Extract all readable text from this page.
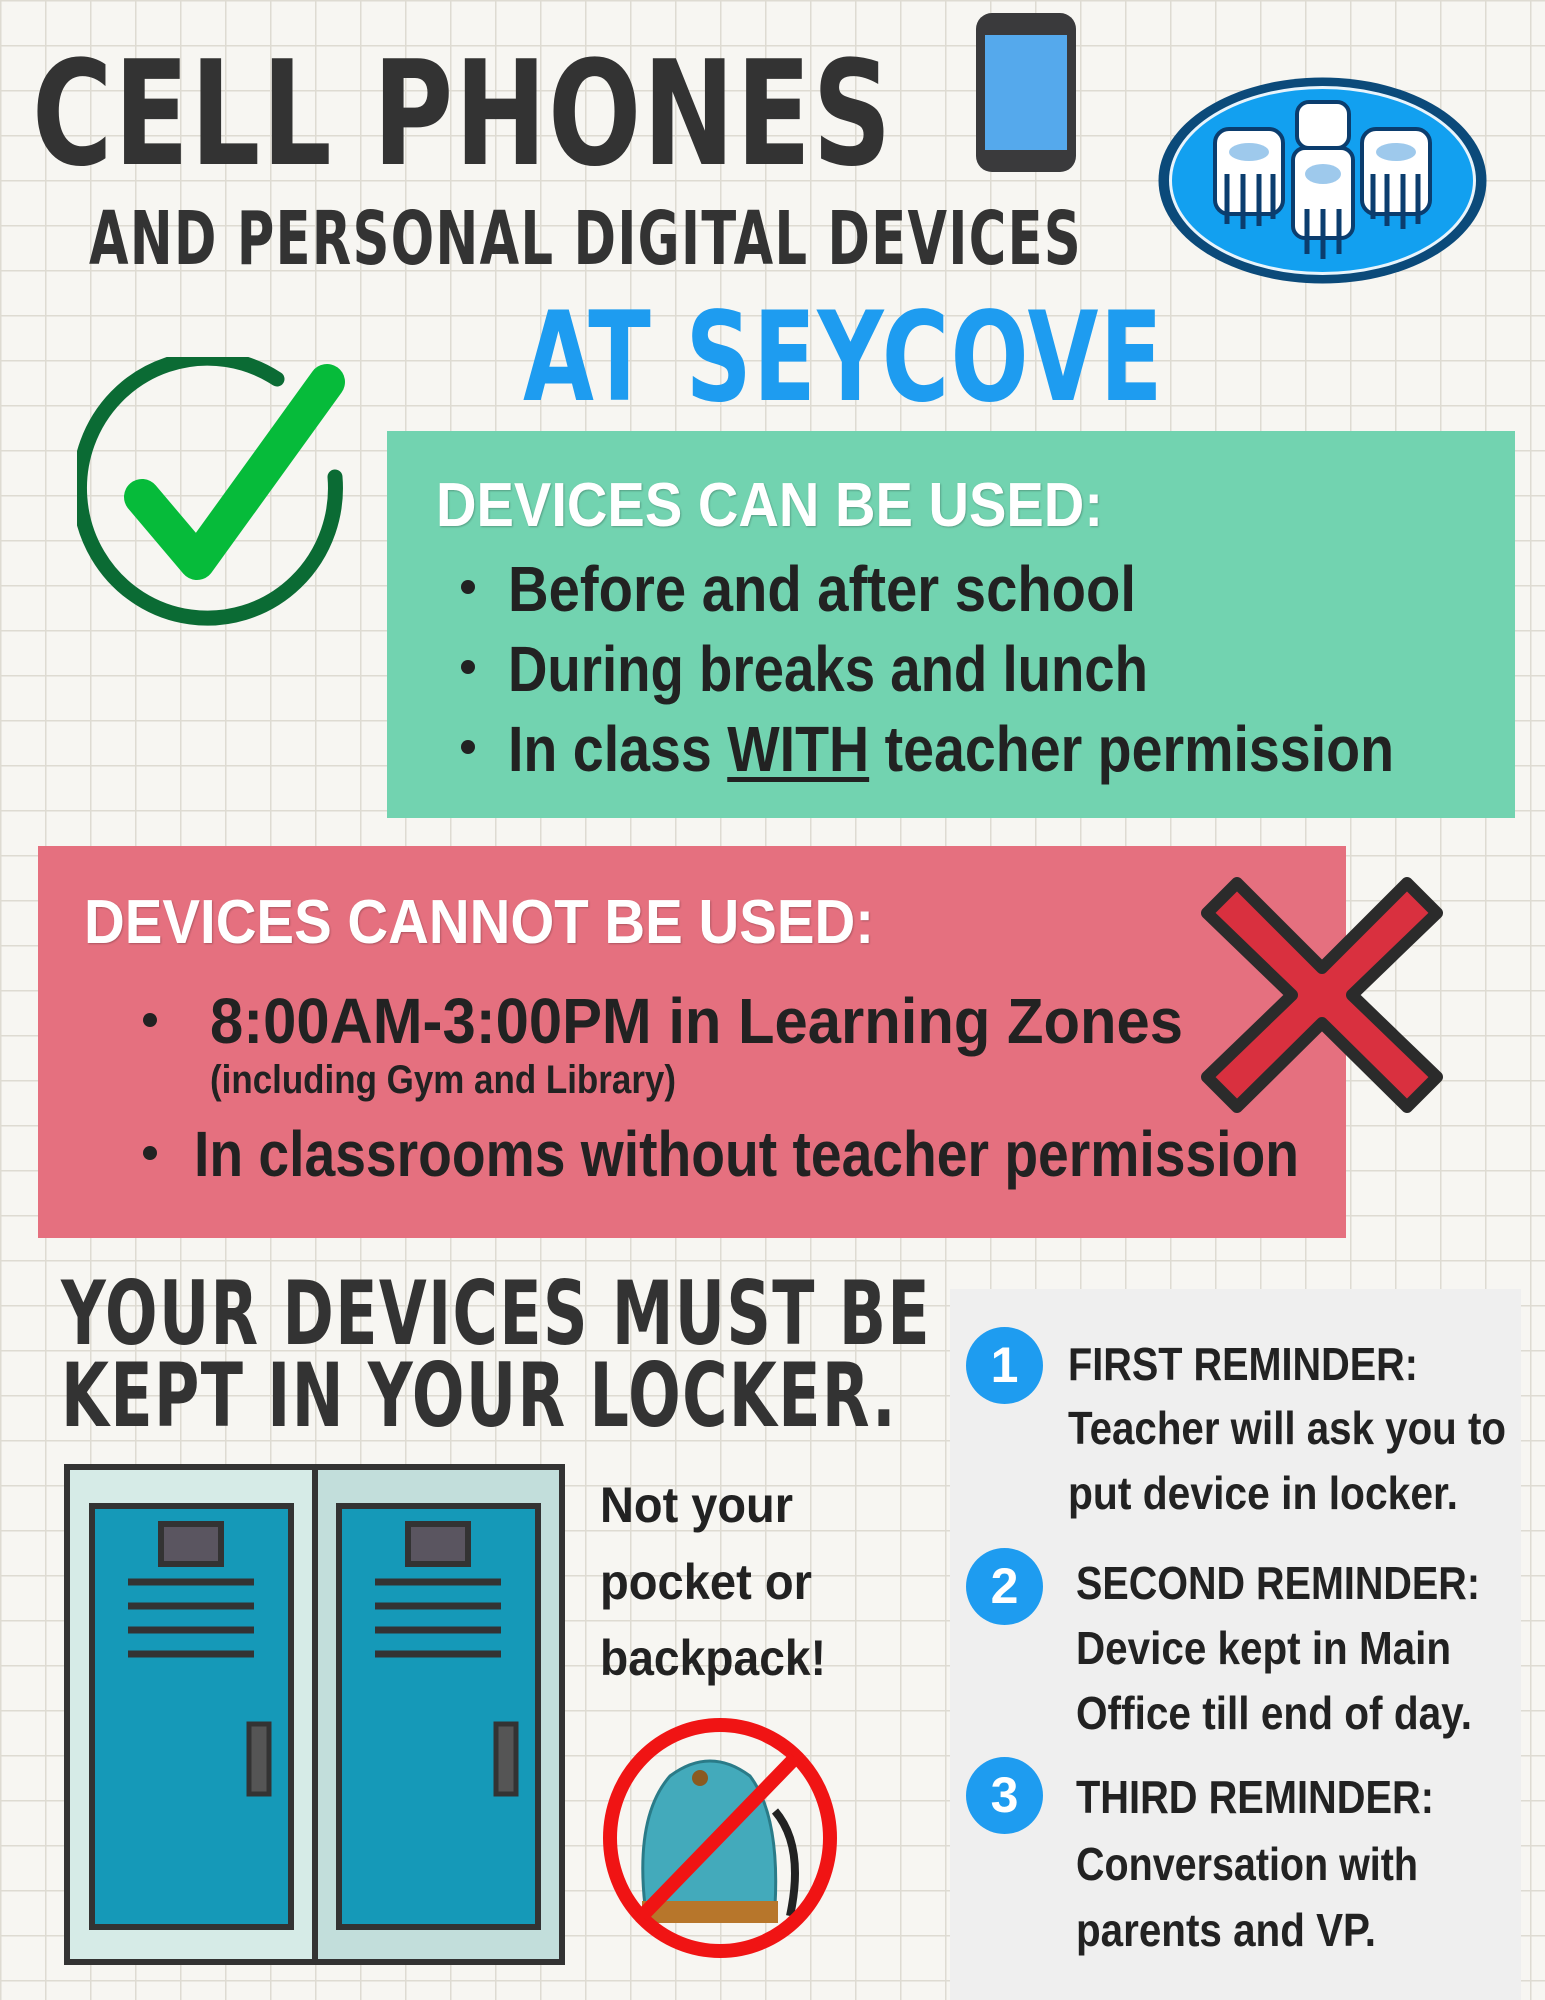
CELL PHONES
AND PERSONAL DIGITAL DEVICES
AT SEYCOVE
DEVICES CAN BE USED:
Before and after school
During breaks and lunch
In class WITH teacher permission
DEVICES CANNOT BE USED:
8:00AM-3:00PM in Learning Zones
(including Gym and Library)
In classrooms without teacher permission
YOUR DEVICES MUST BE
KEPT IN YOUR LOCKER.
Not your
pocket or
backpack!
1	FIRST REMINDER:
Teacher will ask you to
put device in locker.
2	SECOND REMINDER:
Device kept in Main
Office till end of day.
3	THIRD REMINDER:
Conversation with
parents and VP.
